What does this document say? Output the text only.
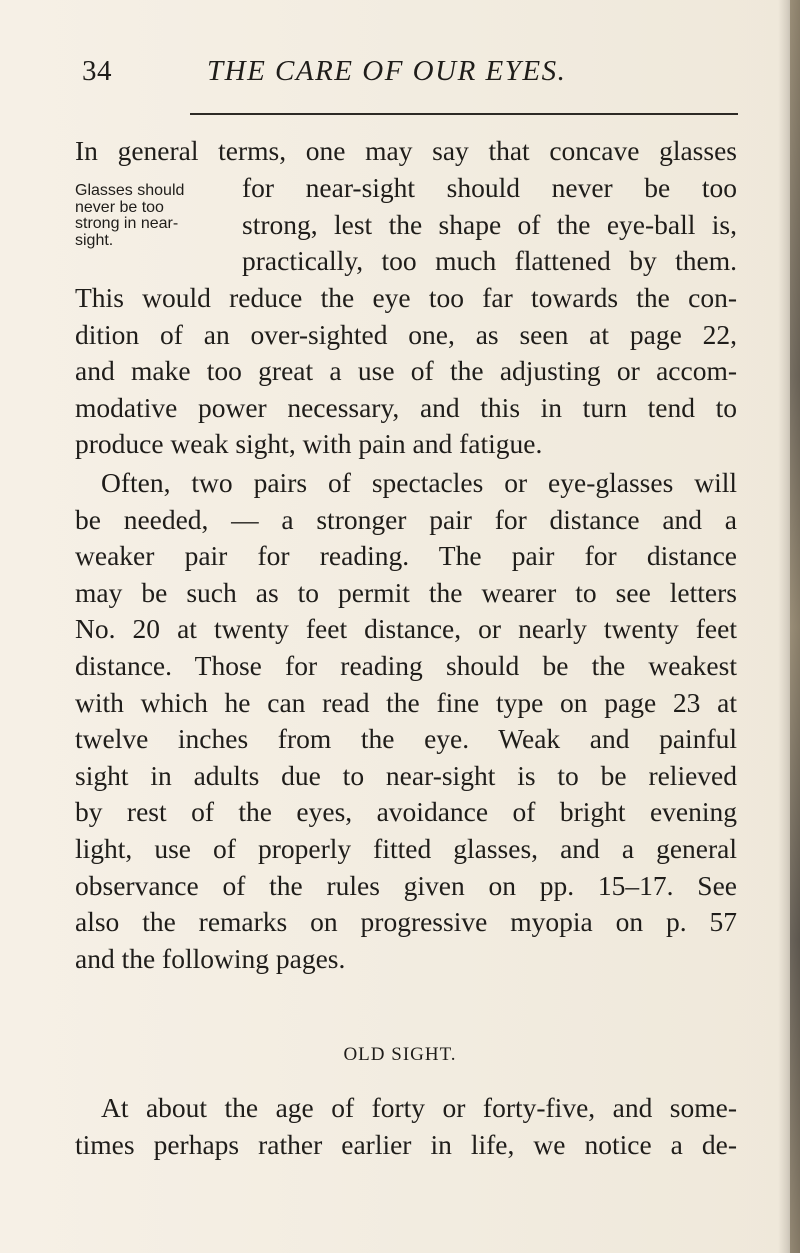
34	THE CARE OF OUR EYES.
In general terms, one may say that concave glasses
Glasses should
never be too
strong in near-
sight.
for near-sight should never be too
strong, lest the shape of the eye-ball is,
practically, too much flattened by them.
This would reduce the eye too far towards the con-
dition of an over-sighted one, as seen at page 22,
and make too great a use of the adjusting or accom-
modative power necessary, and this in turn tend to
produce weak sight, with pain and fatigue.
Often, two pairs of spectacles or eye-glasses will
be needed, — a stronger pair for distance and a
weaker pair for reading. The pair for distance
may be such as to permit the wearer to see letters
No. 20 at twenty feet distance, or nearly twenty feet
distance. Those for reading should be the weakest
with which he can read the fine type on page 23 at
twelve inches from the eye. Weak and painful
sight in adults due to near-sight is to be relieved
by rest of the eyes, avoidance of bright evening
light, use of properly fitted glasses, and a general
observance of the rules given on pp. 15–17. See
also the remarks on progressive myopia on p. 57
and the following pages.
OLD SIGHT.
At about the age of forty or forty-five, and some-
times perhaps rather earlier in life, we notice a de-
